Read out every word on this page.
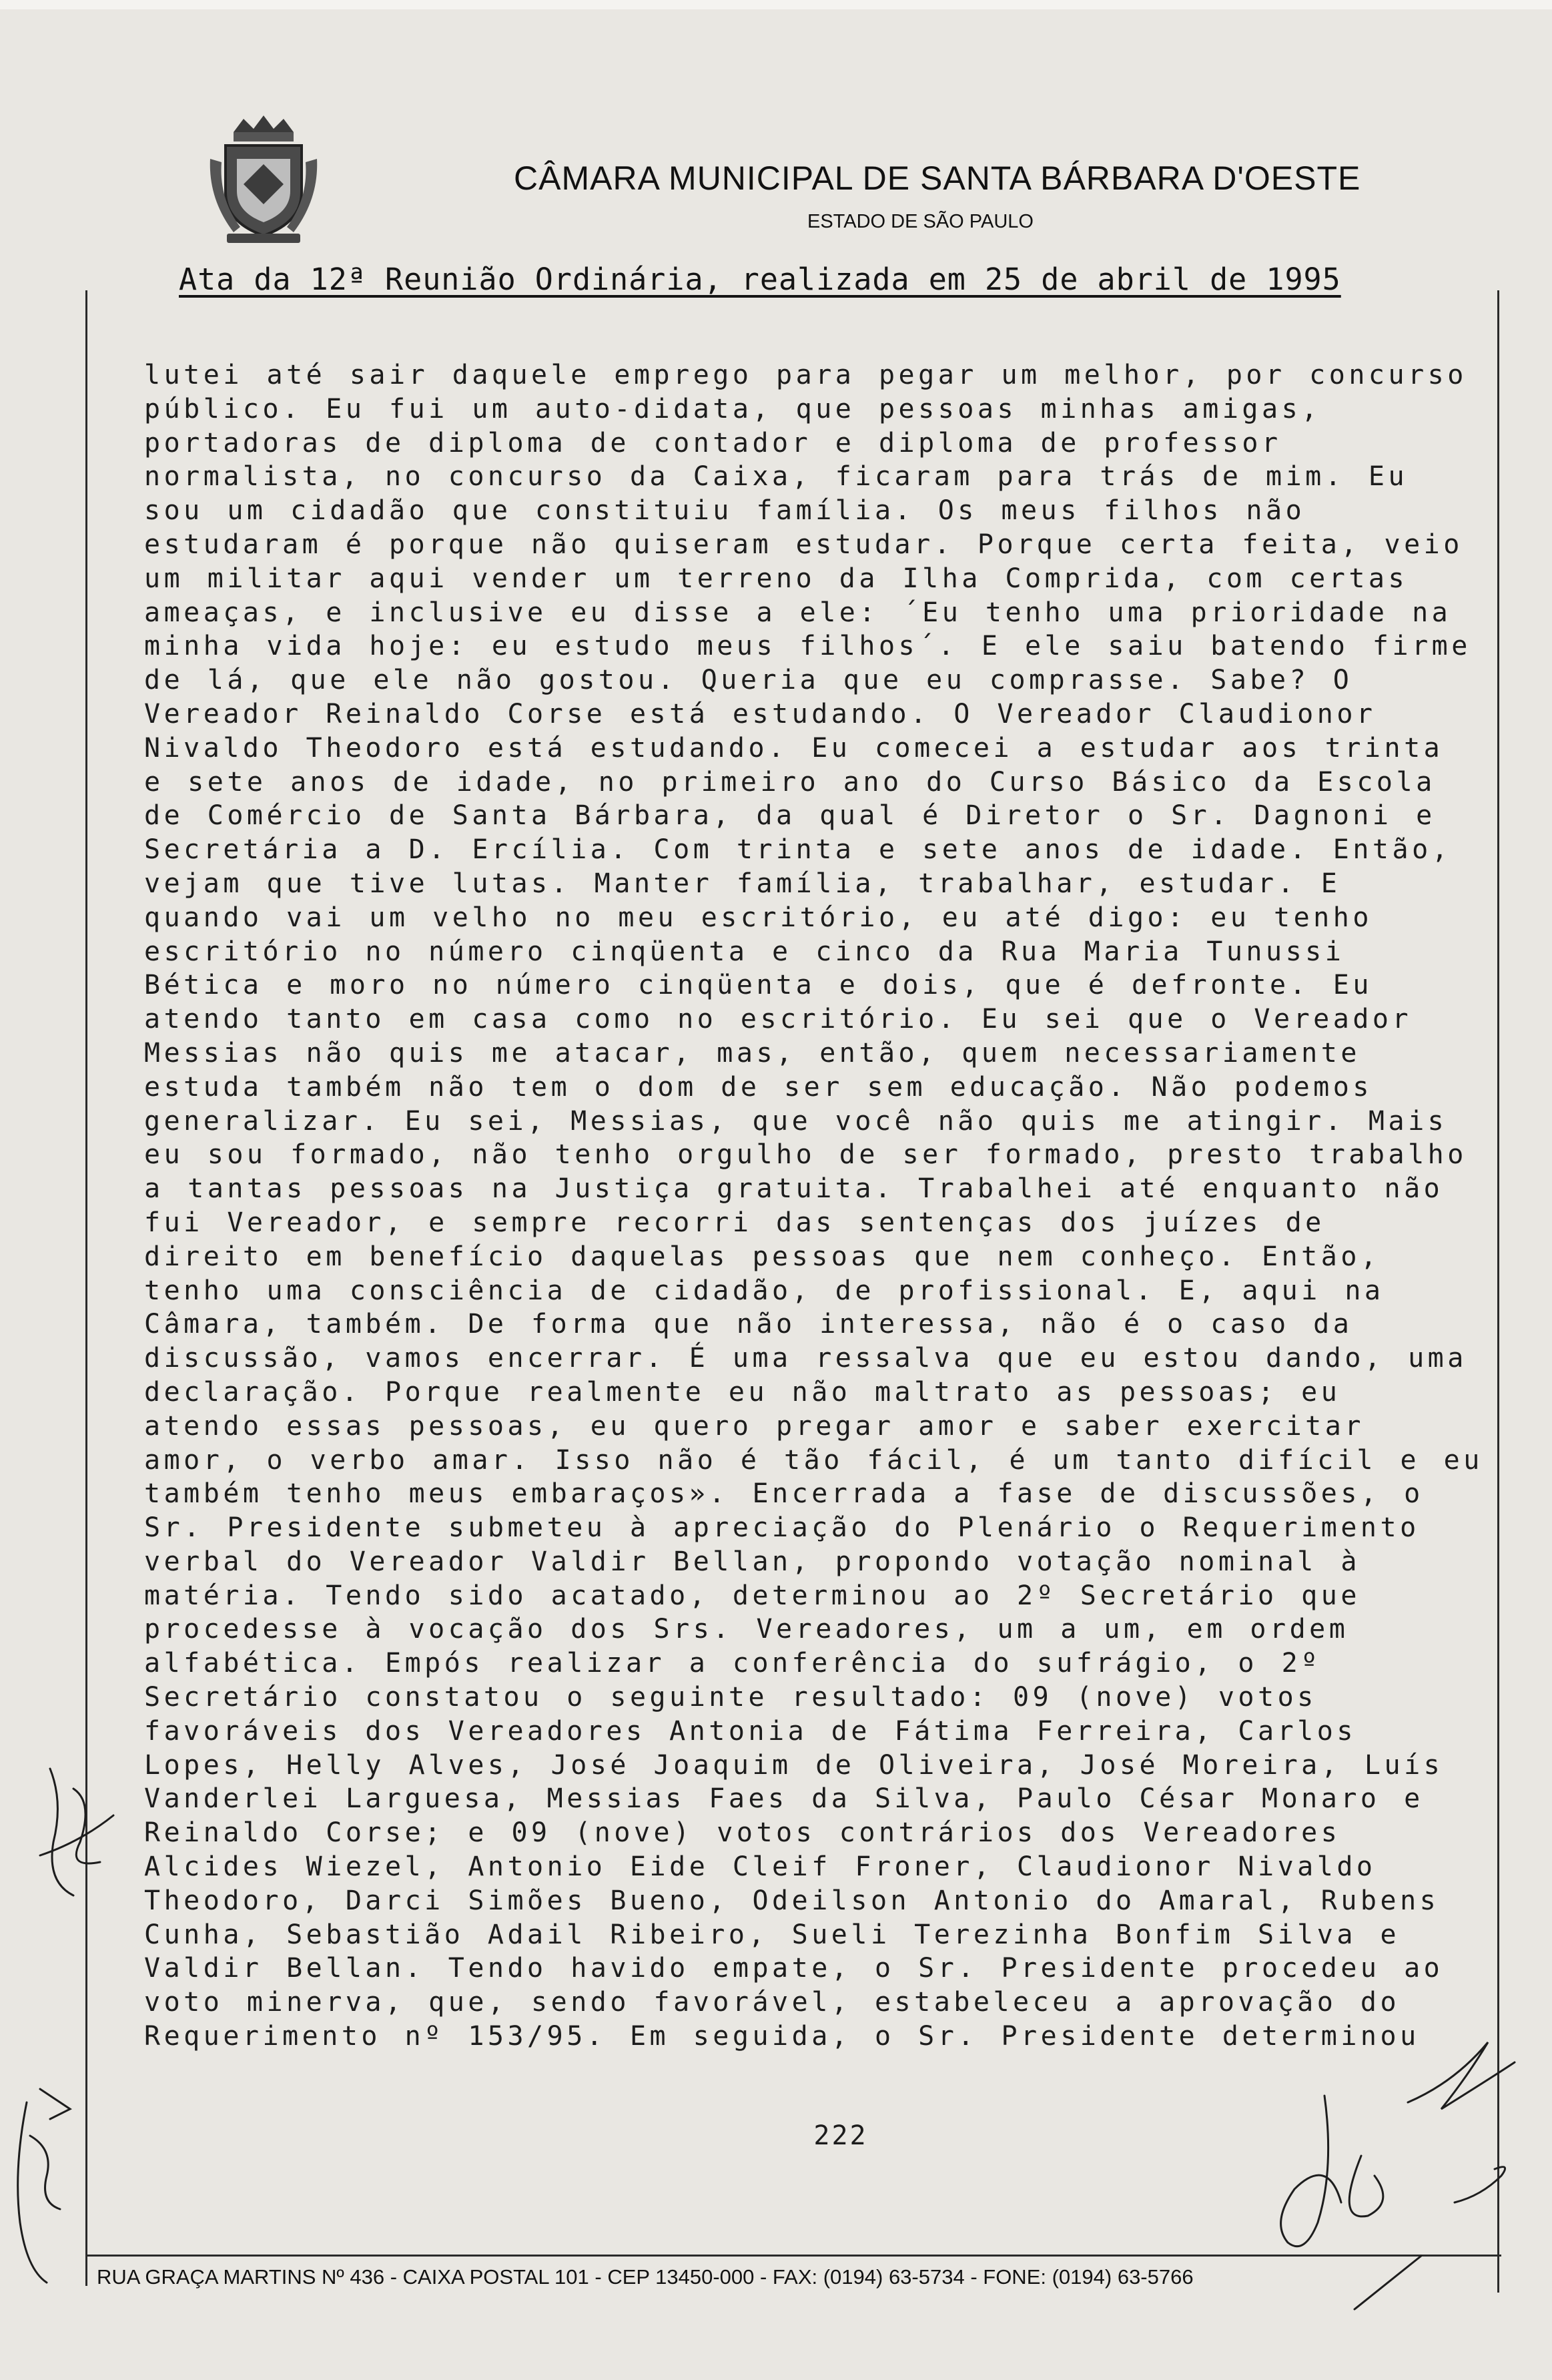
CÂMARA MUNICIPAL DE SANTA BÁRBARA D'OESTE
ESTADO DE SÃO PAULO
Ata da 12ª Reunião Ordinária, realizada em 25 de abril de 1995
lutei até sair daquele emprego para pegar um melhor, por concurso
público. Eu fui um auto-didata, que pessoas minhas amigas,
portadoras de diploma de contador e diploma de professor
normalista, no concurso da Caixa, ficaram para trás de mim. Eu
sou um cidadão que constituiu família. Os meus filhos não
estudaram é porque não quiseram estudar. Porque certa feita, veio
um militar aqui vender um terreno da Ilha Comprida, com certas
ameaças, e inclusive eu disse a ele: ´Eu tenho uma prioridade na
minha vida hoje: eu estudo meus filhos´. E ele saiu batendo firme
de lá, que ele não gostou. Queria que eu comprasse. Sabe? O
Vereador Reinaldo Corse está estudando. O Vereador Claudionor
Nivaldo Theodoro está estudando. Eu comecei a estudar aos trinta
e sete anos de idade, no primeiro ano do Curso Básico da Escola
de Comércio de Santa Bárbara, da qual é Diretor o Sr. Dagnoni e
Secretária a D. Ercília. Com trinta e sete anos de idade. Então,
vejam que tive lutas. Manter família, trabalhar, estudar. E
quando vai um velho no meu escritório, eu até digo: eu tenho
escritório no número cinqüenta e cinco da Rua Maria Tunussi
Bética e moro no número cinqüenta e dois, que é defronte. Eu
atendo tanto em casa como no escritório. Eu sei que o Vereador
Messias não quis me atacar, mas, então, quem necessariamente
estuda também não tem o dom de ser sem educação. Não podemos
generalizar. Eu sei, Messias, que você não quis me atingir. Mais
eu sou formado, não tenho orgulho de ser formado, presto trabalho
a tantas pessoas na Justiça gratuita. Trabalhei até enquanto não
fui Vereador, e sempre recorri das sentenças dos juízes de
direito em benefício daquelas pessoas que nem conheço. Então,
tenho uma consciência de cidadão, de profissional. E, aqui na
Câmara, também. De forma que não interessa, não é o caso da
discussão, vamos encerrar. É uma ressalva que eu estou dando, uma
declaração. Porque realmente eu não maltrato as pessoas; eu
atendo essas pessoas, eu quero pregar amor e saber exercitar
amor, o verbo amar. Isso não é tão fácil, é um tanto difícil e eu
também tenho meus embaraços». Encerrada a fase de discussões, o
Sr. Presidente submeteu à apreciação do Plenário o Requerimento
verbal do Vereador Valdir Bellan, propondo votação nominal à
matéria. Tendo sido acatado, determinou ao 2º Secretário que
procedesse à vocação dos Srs. Vereadores, um a um, em ordem
alfabética. Empós realizar a conferência do sufrágio, o 2º
Secretário constatou o seguinte resultado: 09 (nove) votos
favoráveis dos Vereadores Antonia de Fátima Ferreira, Carlos
Lopes, Helly Alves, José Joaquim de Oliveira, José Moreira, Luís
Vanderlei Larguesa, Messias Faes da Silva, Paulo César Monaro e
Reinaldo Corse; e 09 (nove) votos contrários dos Vereadores
Alcides Wiezel, Antonio Eide Cleif Froner, Claudionor Nivaldo
Theodoro, Darci Simões Bueno, Odeilson Antonio do Amaral, Rubens
Cunha, Sebastião Adail Ribeiro, Sueli Terezinha Bonfim Silva e
Valdir Bellan. Tendo havido empate, o Sr. Presidente procedeu ao
voto minerva, que, sendo favorável, estabeleceu a aprovação do
Requerimento nº 153/95. Em seguida, o Sr. Presidente determinou
222
RUA GRAÇA MARTINS Nº 436 - CAIXA POSTAL 101 - CEP 13450-000 - FAX: (0194) 63-5734 - FONE: (0194) 63-5766
